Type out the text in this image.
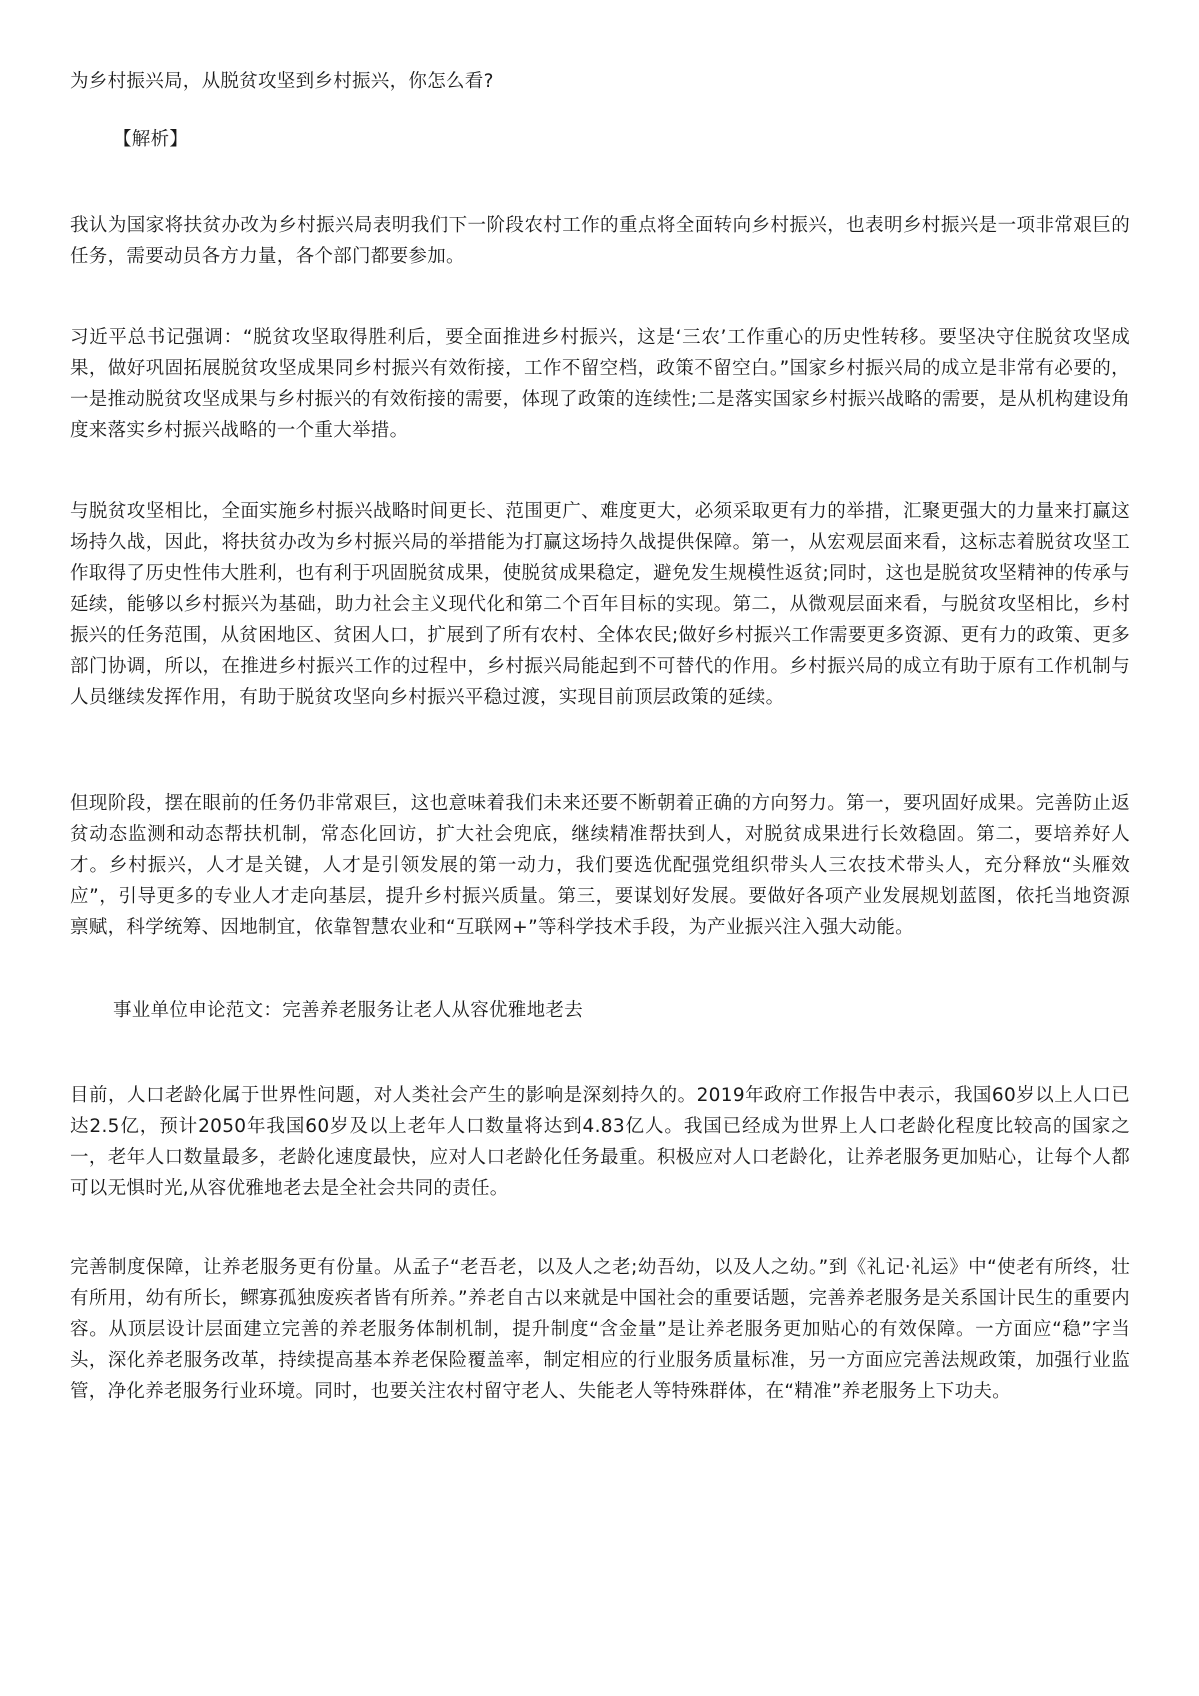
为乡村振兴局，从脱贫攻坚到乡村振兴，你怎么看?

【解析】

我认为国家将扶贫办改为乡村振兴局表明我们下一阶段农村工作的重点将全面转向乡村振兴，也表明乡村振兴是一项非常艰巨的任务，需要动员各方力量，各个部门都要参加。

习近平总书记强调：“脱贫攻坚取得胜利后，要全面推进乡村振兴，这是‘三农’工作重心的历史性转移。要坚决守住脱贫攻坚成果，做好巩固拓展脱贫攻坚成果同乡村振兴有效衔接，工作不留空档，政策不留空白。”国家乡村振兴局的成立是非常有必要的，一是推动脱贫攻坚成果与乡村振兴的有效衔接的需要，体现了政策的连续性;二是落实国家乡村振兴战略的需要，是从机构建设角度来落实乡村振兴战略的一个重大举措。

与脱贫攻坚相比，全面实施乡村振兴战略时间更长、范围更广、难度更大，必须采取更有力的举措，汇聚更强大的力量来打赢这场持久战，因此，将扶贫办改为乡村振兴局的举措能为打赢这场持久战提供保障。第一，从宏观层面来看，这标志着脱贫攻坚工作取得了历史性伟大胜利，也有利于巩固脱贫成果，使脱贫成果稳定，避免发生规模性返贫;同时，这也是脱贫攻坚精神的传承与延续，能够以乡村振兴为基础，助力社会主义现代化和第二个百年目标的实现。第二，从微观层面来看，与脱贫攻坚相比，乡村振兴的任务范围，从贫困地区、贫困人口，扩展到了所有农村、全体农民;做好乡村振兴工作需要更多资源、更有力的政策、更多部门协调，所以，在推进乡村振兴工作的过程中，乡村振兴局能起到不可替代的作用。乡村振兴局的成立有助于原有工作机制与人员继续发挥作用，有助于脱贫攻坚向乡村振兴平稳过渡，实现目前顶层政策的延续。

但现阶段，摆在眼前的任务仍非常艰巨，这也意味着我们未来还要不断朝着正确的方向努力。第一，要巩固好成果。完善防止返贫动态监测和动态帮扶机制，常态化回访，扩大社会兜底，继续精准帮扶到人，对脱贫成果进行长效稳固。第二，要培养好人才。乡村振兴，人才是关键，人才是引领发展的第一动力，我们要选优配强党组织带头人三农技术带头人，充分释放“头雁效应”，引导更多的专业人才走向基层，提升乡村振兴质量。第三，要谋划好发展。要做好各项产业发展规划蓝图，依托当地资源禀赋，科学统筹、因地制宜，依靠智慧农业和“互联网+”等科学技术手段，为产业振兴注入强大动能。

事业单位申论范文：完善养老服务让老人从容优雅地老去

目前，人口老龄化属于世界性问题，对人类社会产生的影响是深刻持久的。2019年政府工作报告中表示，我国60岁以上人口已达2.5亿，预计2050年我国60岁及以上老年人口数量将达到4.83亿人。我国已经成为世界上人口老龄化程度比较高的国家之一，老年人口数量最多，老龄化速度最快，应对人口老龄化任务最重。积极应对人口老龄化，让养老服务更加贴心，让每个人都可以无惧时光,从容优雅地老去是全社会共同的责任。

完善制度保障，让养老服务更有份量。从孟子“老吾老，以及人之老;幼吾幼，以及人之幼。”到《礼记·礼运》中“使老有所终，壮有所用，幼有所长，鳏寡孤独废疾者皆有所养。”养老自古以来就是中国社会的重要话题，完善养老服务是关系国计民生的重要内容。从顶层设计层面建立完善的养老服务体制机制，提升制度“含金量”是让养老服务更加贴心的有效保障。一方面应“稳”字当头，深化养老服务改革，持续提高基本养老保险覆盖率，制定相应的行业服务质量标准，另一方面应完善法规政策，加强行业监管，净化养老服务行业环境。同时，也要关注农村留守老人、失能老人等特殊群体，在“精准”养老服务上下功夫。
